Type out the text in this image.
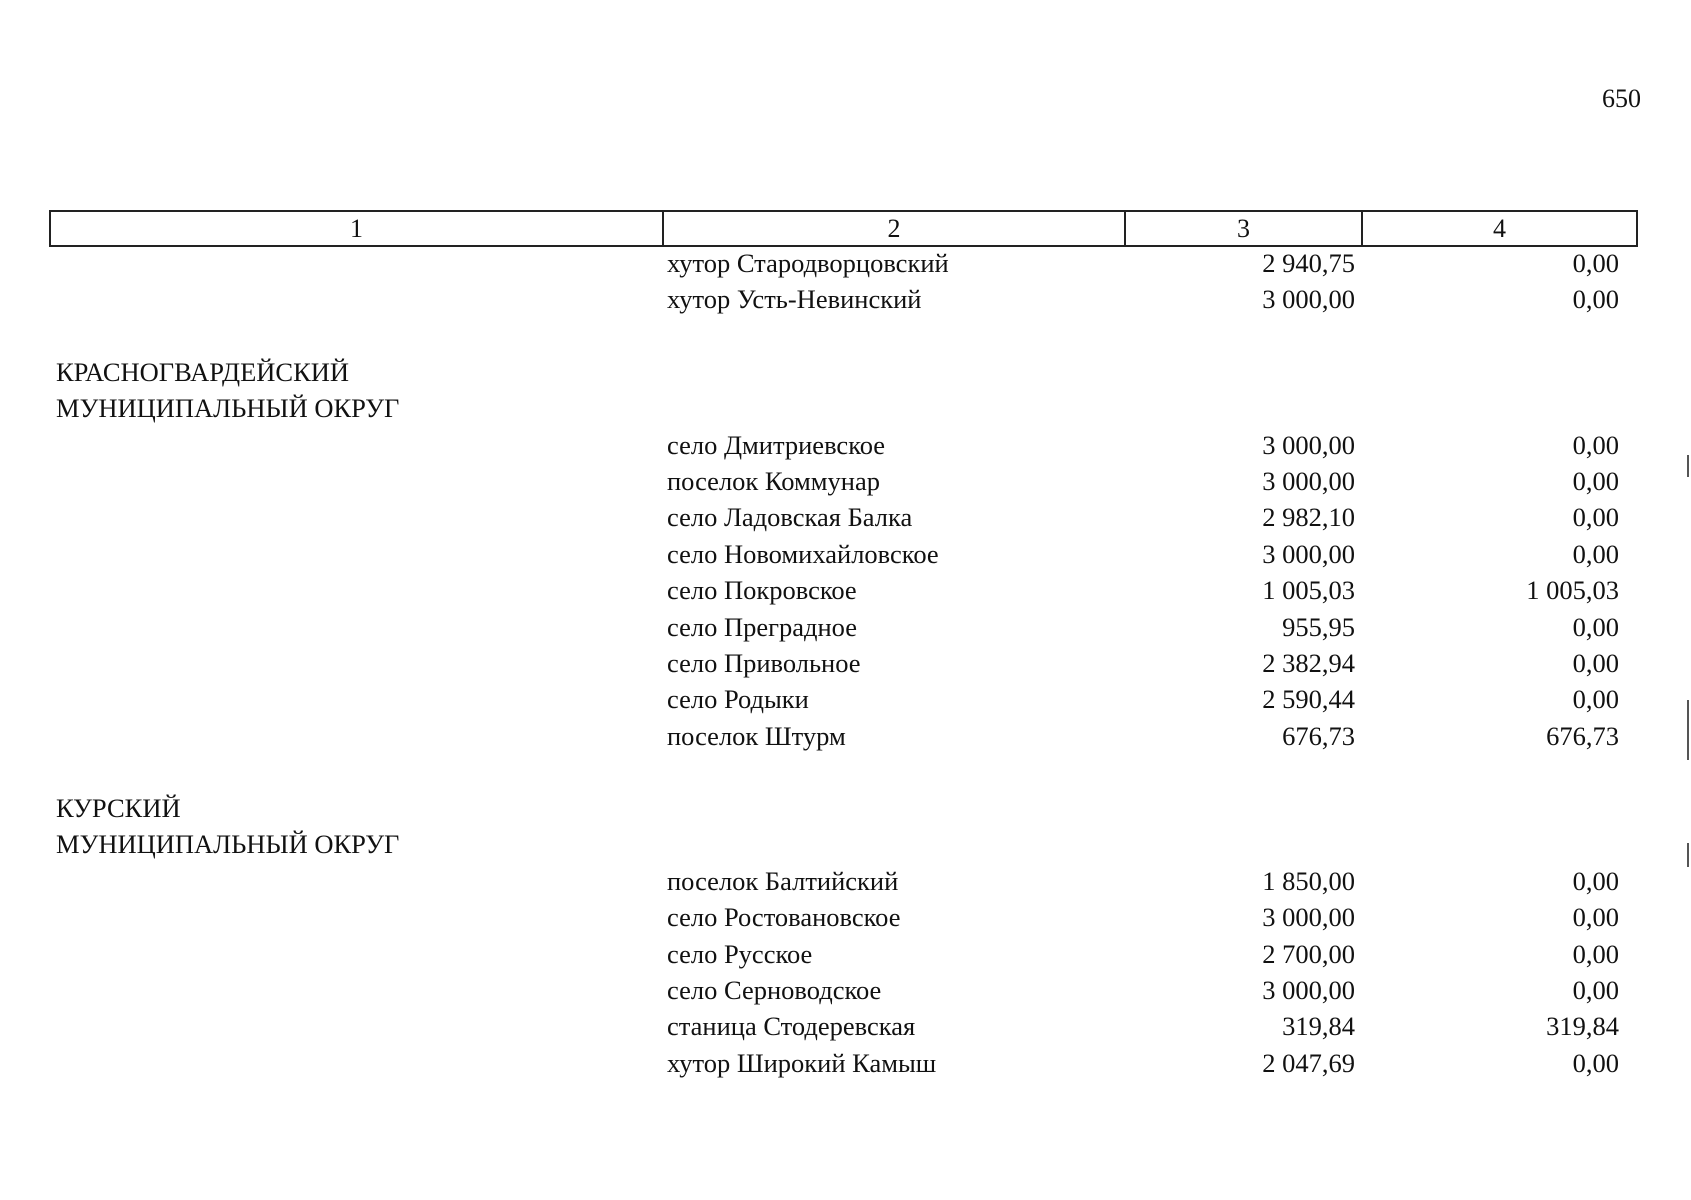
650
1	2	3	4
хутор Стародворцовский	2 940,75	0,00
хутор Усть-Невинский	3 000,00	0,00
КРАСНОГВАРДЕЙСКИЙ
МУНИЦИПАЛЬНЫЙ ОКРУГ
село Дмитриевское	3 000,00	0,00
поселок Коммунар	3 000,00	0,00
село Ладовская Балка	2 982,10	0,00
село Новомихайловское	3 000,00	0,00
село Покровское	1 005,03	1 005,03
село Преградное	955,95	0,00
село Привольное	2 382,94	0,00
село Родыки	2 590,44	0,00
поселок Штурм	676,73	676,73
КУРСКИЙ
МУНИЦИПАЛЬНЫЙ ОКРУГ
поселок Балтийский	1 850,00	0,00
село Ростовановское	3 000,00	0,00
село Русское	2 700,00	0,00
село Серноводское	3 000,00	0,00
станица Стодеревская	319,84	319,84
хутор Широкий Камыш	2 047,69	0,00
